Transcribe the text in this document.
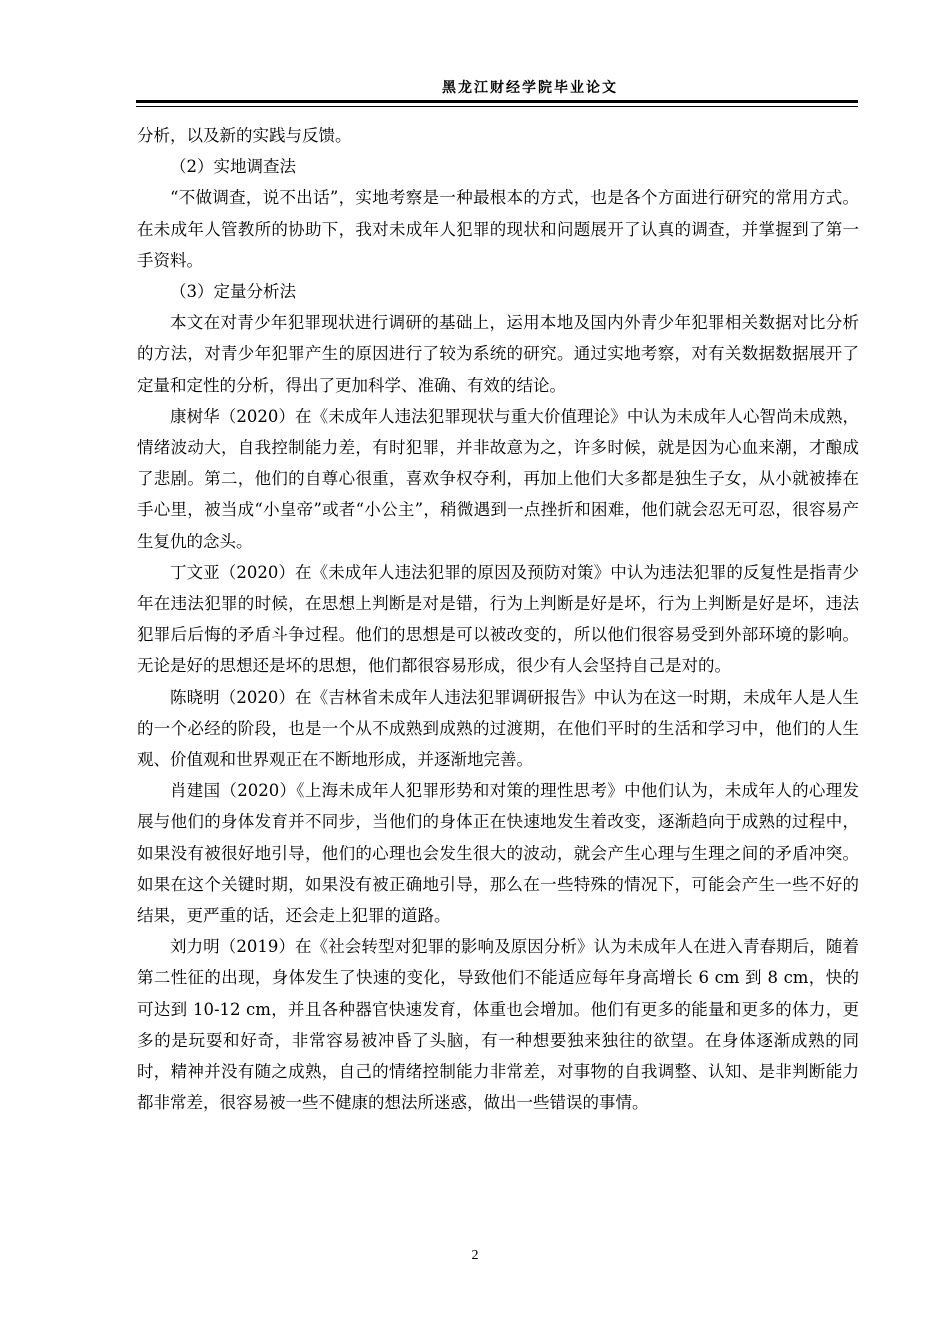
黑龙江财经学院毕业论文

分析，以及新的实践与反馈。

（2）实地调查法

“不做调查，说不出话”，实地考察是一种最根本的方式，也是各个方面进行研究的常用方式。在未成年人管教所的协助下，我对未成年人犯罪的现状和问题展开了认真的调查，并掌握到了第一手资料。

（3）定量分析法

本文在对青少年犯罪现状进行调研的基础上，运用本地及国内外青少年犯罪相关数据对比分析的方法，对青少年犯罪产生的原因进行了较为系统的研究。通过实地考察，对有关数据数据展开了定量和定性的分析，得出了更加科学、准确、有效的结论。

康树华（2020）在《未成年人违法犯罪现状与重大价值理论》中认为未成年人心智尚未成熟，情绪波动大，自我控制能力差，有时犯罪，并非故意为之，许多时候，就是因为心血来潮，才酿成了悲剧。第二，他们的自尊心很重，喜欢争权夺利，再加上他们大多都是独生子女，从小就被捧在手心里，被当成“小皇帝”或者“小公主”，稍微遇到一点挫折和困难，他们就会忍无可忍，很容易产生复仇的念头。

丁文亚（2020）在《未成年人违法犯罪的原因及预防对策》中认为违法犯罪的反复性是指青少年在违法犯罪的时候，在思想上判断是对是错，行为上判断是好是坏，行为上判断是好是坏，违法犯罪后后悔的矛盾斗争过程。他们的思想是可以被改变的，所以他们很容易受到外部环境的影响。无论是好的思想还是坏的思想，他们都很容易形成，很少有人会坚持自己是对的。

陈晓明（2020）在《吉林省未成年人违法犯罪调研报告》中认为在这一时期，未成年人是人生的一个必经的阶段，也是一个从不成熟到成熟的过渡期，在他们平时的生活和学习中，他们的人生观、价值观和世界观正在不断地形成，并逐渐地完善。

肖建国（2020）《上海未成年人犯罪形势和对策的理性思考》中他们认为，未成年人的心理发展与他们的身体发育并不同步，当他们的身体正在快速地发生着改变，逐渐趋向于成熟的过程中，如果没有被很好地引导，他们的心理也会发生很大的波动，就会产生心理与生理之间的矛盾冲突。如果在这个关键时期，如果没有被正确地引导，那么在一些特殊的情况下，可能会产生一些不好的结果，更严重的话，还会走上犯罪的道路。

刘力明（2019）在《社会转型对犯罪的影响及原因分析》认为未成年人在进入青春期后，随着第二性征的出现，身体发生了快速的变化，导致他们不能适应每年身高增长 6 cm 到 8 cm，快的可达到 10-12 cm，并且各种器官快速发育，体重也会增加。他们有更多的能量和更多的体力，更多的是玩耍和好奇，非常容易被冲昏了头脑，有一种想要独来独往的欲望。在身体逐渐成熟的同时，精神并没有随之成熟，自己的情绪控制能力非常差，对事物的自我调整、认知、是非判断能力都非常差，很容易被一些不健康的想法所迷惑，做出一些错误的事情。

2
